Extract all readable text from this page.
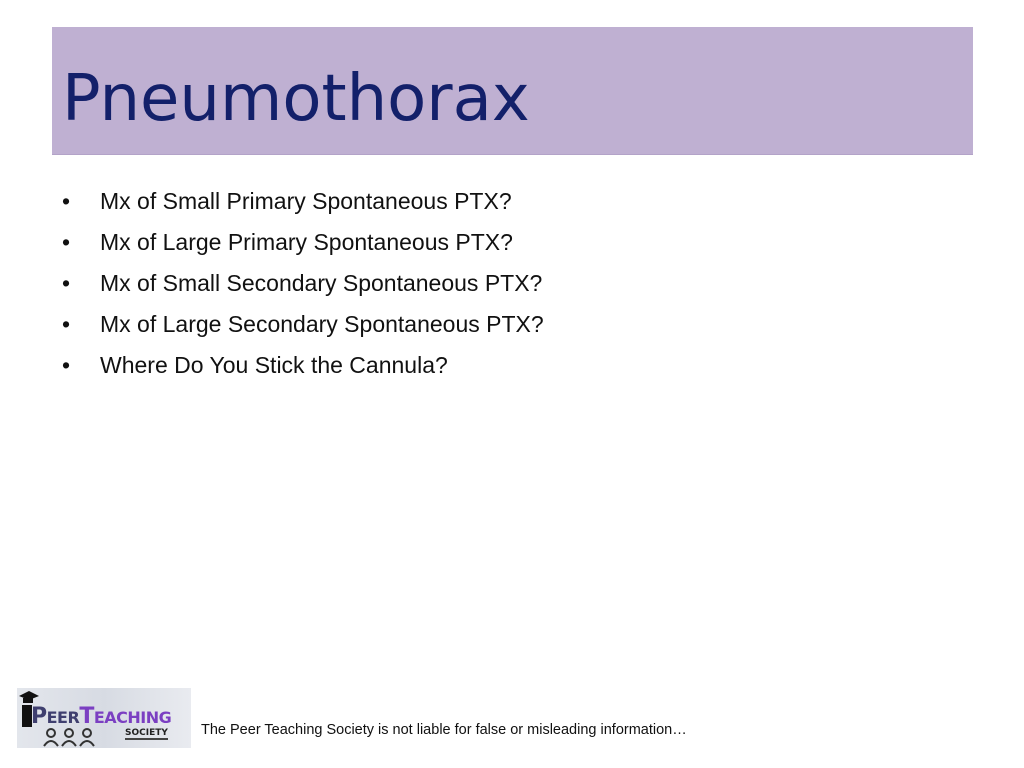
Pneumothorax
•	Mx of Small Primary Spontaneous PTX?
•	Mx of Large Primary Spontaneous PTX?
•	Mx of Small Secondary Spontaneous PTX?
•	Mx of Large Secondary Spontaneous PTX?
•	Where Do You Stick the Cannula?
PEERTEACHING
SOCIETY The Peer Teaching Society is not liable for false or misleading information…
